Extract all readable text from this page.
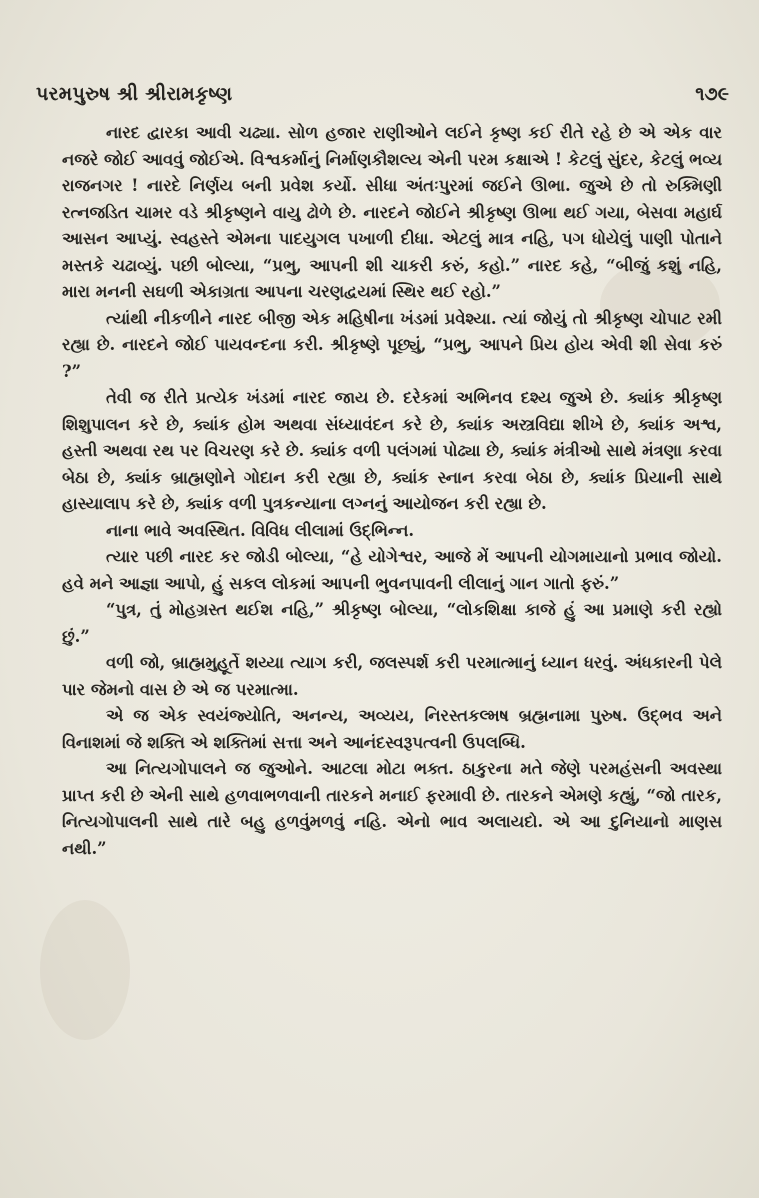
પરમપુરુષ શ્રી શ્રીરામકૃષ્ણ	૧૭૯

નારદ દ્વારકા આવી ચઢ્યા. સોળ હજાર રાણીઓને લઈને કૃષ્ણ કઈ રીતે રહે છે એ એક વાર નજરે જોઈ આવવું જોઈએ. વિશ્વકર્માનું નિર્માણકૌશલ્ય એની પરમ કક્ષાએ ! કેટલું સુંદર, કેટલું ભવ્ય રાજનગર ! નારદે નિર્ણય બની પ્રવેશ કર્યો. સીધા અંતઃપુરમાં જઈને ઊભા. જુએ છે તો રુક્મિણી રત્નજડિત ચામર વડે શ્રીકૃષ્ણને વાયુ ઢોળે છે. નારદને જોઈને શ્રીકૃષ્ણ ઊભા થઈ ગયા, બેસવા મહાર્ઘ આસન આપ્યું. સ્વહસ્તે એમના પાદયુગલ પખાળી દીધા. એટલું માત્ર નહિ, પગ ધોયેલું પાણી પોતાને મસ્તકે ચઢાવ્યું. પછી બોલ્યા, “પ્રભુ, આપની શી ચાકરી કરું, કહો.” નારદ કહે, “બીજું કશું નહિ, મારા મનની સઘળી એકાગ્રતા આપના ચરણદ્વયમાં સ્થિર થઈ રહો.”

ત્યાંથી નીકળીને નારદ બીજી એક મહિષીના ખંડમાં પ્રવેશ્યા. ત્યાં જોયું તો શ્રીકૃષ્ણ ચોપાટ રમી રહ્યા છે. નારદને જોઈ પાયવન્દના કરી. શ્રીકૃષ્ણે પૂછ્યું, “પ્રભુ, આપને પ્રિય હોય એવી શી સેવા કરું ?”

તેવી જ રીતે પ્રત્યેક ખંડમાં નારદ જાય છે. દરેકમાં અભિનવ દશ્ય જુએ છે. ક્યાંક શ્રીકૃષ્ણ શિશુપાલન કરે છે, ક્યાંક હોમ અથવા સંધ્યાવંદન કરે છે, ક્યાંક અસ્ત્રવિદ્યા શીખે છે, ક્યાંક અશ્વ, હસ્તી અથવા રથ પર વિચરણ કરે છે. ક્યાંક વળી પલંગમાં પોઢ્યા છે, ક્યાંક મંત્રીઓ સાથે મંત્રણા કરવા બેઠા છે, ક્યાંક બ્રાહ્મણોને ગોદાન કરી રહ્યા છે, ક્યાંક સ્નાન કરવા બેઠા છે, ક્યાંક પ્રિયાની સાથે હાસ્યાલાપ કરે છે, ક્યાંક વળી પુત્રકન્યાના લગ્નનું આયોજન કરી રહ્યા છે.

નાના ભાવે અવસ્થિત. વિવિધ લીલામાં ઉદ્‌ભિન્ન.

ત્યાર પછી નારદ કર જોડી બોલ્યા, “હે યોગેશ્વર, આજે મેં આપની યોગમાયાનો પ્રભાવ જોયો. હવે મને આજ્ઞા આપો, હું સકલ લોકમાં આપની ભુવનપાવની લીલાનું ગાન ગાતો ફરું.”

“પુત્ર, તું મોહગ્રસ્ત થઈશ નહિ,” શ્રીકૃષ્ણ બોલ્યા, “લોકશિક્ષા કાજે હું આ પ્રમાણે કરી રહ્યો છું.”

વળી જો, બ્રાહ્મમુહૂર્તે શય્યા ત્યાગ કરી, જલસ્પર્શ કરી પરમાત્માનું ધ્યાન ધરવું. અંધકારની પેલે પાર જેમનો વાસ છે એ જ પરમાત્મા.

એ જ એક સ્વયંજ્યોતિ, અનન્ય, અવ્યય, નિરસ્તકલ્મષ બ્રહ્મનામા પુરુષ. ઉદ્‌ભવ અને વિનાશમાં જે શક્તિ એ શક્તિમાં સત્તા અને આનંદસ્વરૂપત્વની ઉપલબ્ધિ.

આ નિત્યગોપાલને જ જુઓને. આટલા મોટા ભક્ત. ઠાકુરના મતે જેણે પરમહંસની અવસ્થા પ્રાપ્ત કરી છે એની સાથે હળવાભળવાની તારકને મનાઈ ફરમાવી છે. તારકને એમણે કહ્યું, “જો તારક, નિત્યગોપાલની સાથે તારે બહુ હળવુંમળવું નહિ. એનો ભાવ અલાયદો. એ આ દુનિયાનો માણસ નથી.”
